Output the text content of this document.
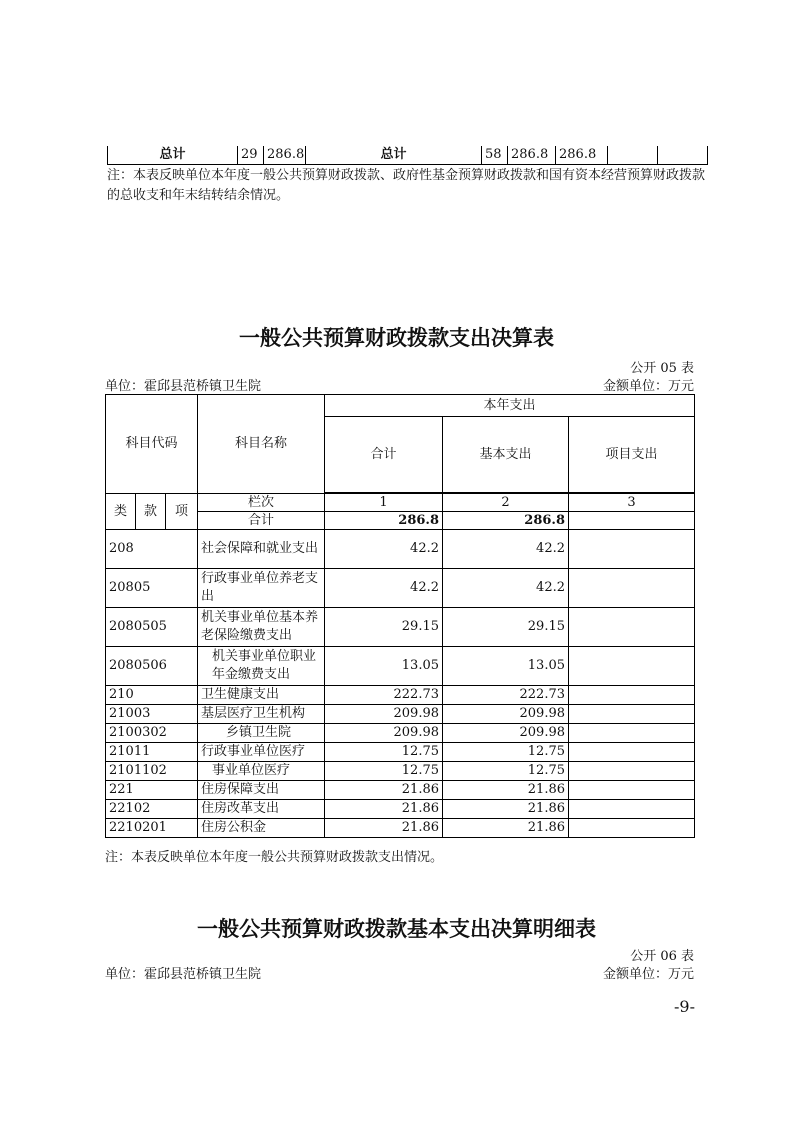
总计	29	286.8	总计	58	286.8	286.8		
注：本表反映单位本年度一般公共预算财政拨款、政府性基金预算财政拨款和国有资本经营预算财政拨款的总收支和年末结转结余情况。
一般公共预算财政拨款支出决算表
公开 05 表
单位：霍邱县范桥镇卫生院	金额单位：万元
科目代码			科目名称	本年支出		
				合计	基本支出	项目支出

类	款	项	栏次	1	2	3
			合计	286.8	286.8	
208			社会保障和就业支出	42.2	42.2	
20805			行政事业单位养老支出	42.2	42.2	
2080505			机关事业单位基本养老保险缴费支出	29.15	29.15	
2080506			机关事业单位职业年金缴费支出	13.05	13.05	
210			卫生健康支出	222.73	222.73	
21003			基层医疗卫生机构	209.98	209.98	
2100302			乡镇卫生院	209.98	209.98	
21011			行政事业单位医疗	12.75	12.75	
2101102			事业单位医疗	12.75	12.75	
221			住房保障支出	21.86	21.86	
22102			住房改革支出	21.86	21.86	
2210201			住房公积金	21.86	21.86	
注：本表反映单位本年度一般公共预算财政拨款支出情况。
一般公共预算财政拨款基本支出决算明细表
公开 06 表
单位：霍邱县范桥镇卫生院	金额单位：万元
-9-
